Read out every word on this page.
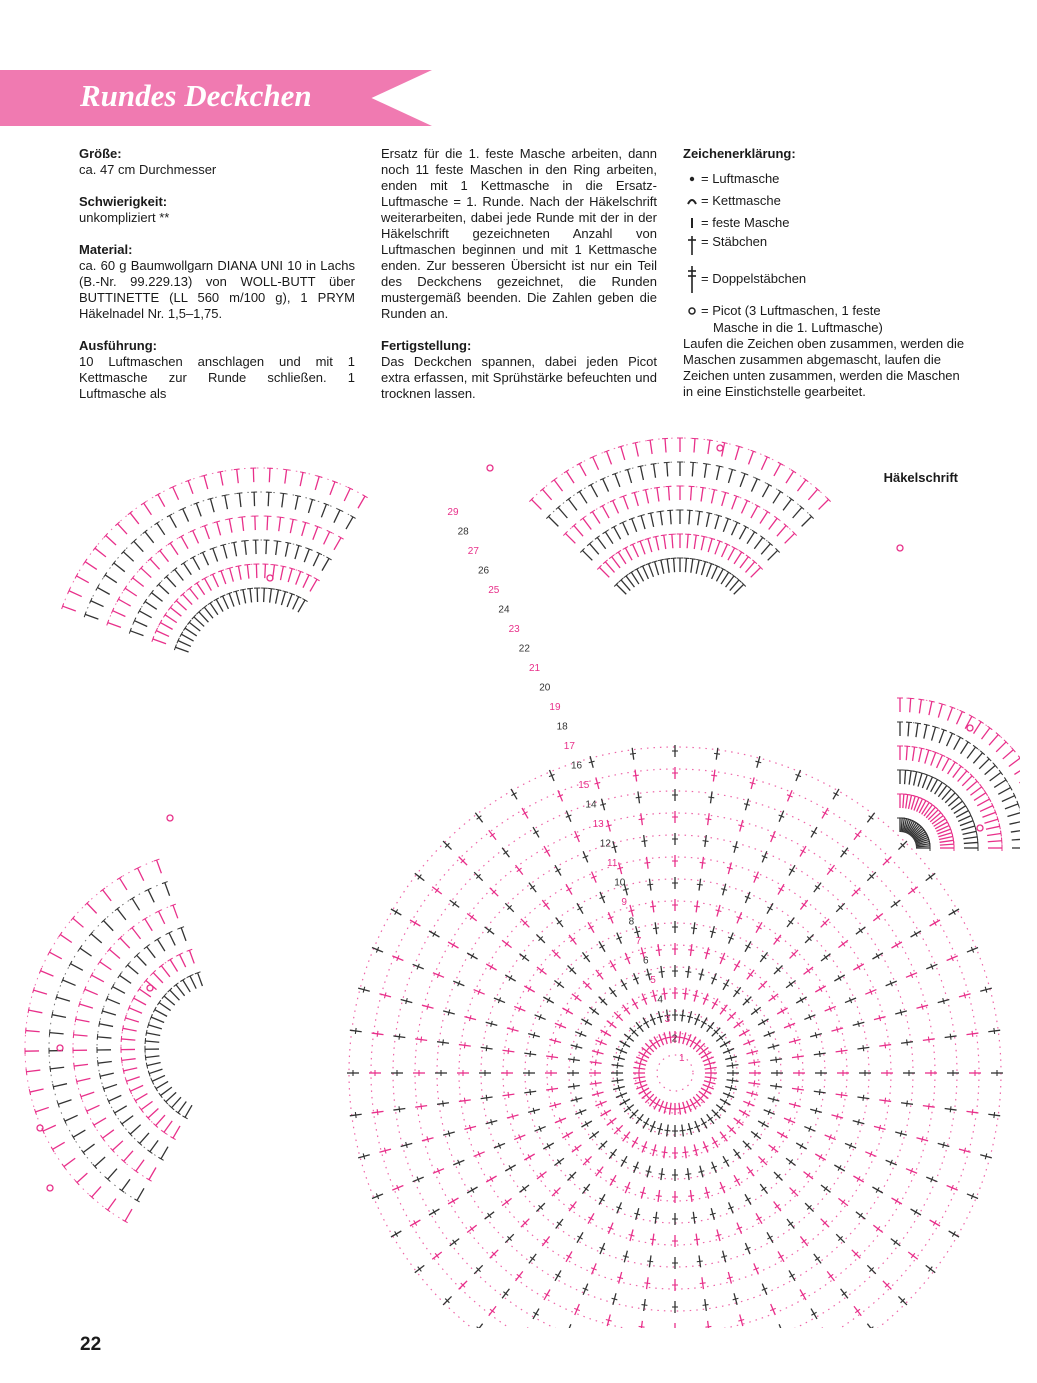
Rundes Deckchen

Größe:

ca. 47 cm Durchmesser

Schwierigkeit:

unkompliziert **

Material:

ca. 60 g Baumwollgarn DIANA UNI 10 in Lachs (B.-Nr. 99.229.13) von WOLL-BUTT über BUTTINETTE (LL 560 m/100 g), 1 PRYM Häkelnadel Nr. 1,5–1,75.

Ausführung:

10 Luftmaschen anschlagen und mit 1 Kettmasche zur Runde schließen. 1 Luftmasche als

Ersatz für die 1. feste Masche arbeiten, dann noch 11 feste Maschen in den Ring arbeiten, enden mit 1 Kettmasche in die Ersatz-Luftmasche = 1. Runde. Nach der Häkelschrift weiterarbeiten, dabei jede Runde mit der in der Häkelschrift gezeichneten Anzahl von Luftmaschen beginnen und mit 1 Kettmasche enden. Zur besseren Übersicht ist nur ein Teil des Deckchens gezeichnet, die Runden mustergemäß beenden. Die Zahlen geben die Runden an.

Fertigstellung:

Das Deckchen spannen, dabei jeden Picot extra erfassen, mit Sprühstärke befeuchten und trocknen lassen.

Zeichenerklärung:

= Luftmasche
= Kettmasche
= feste Masche
= Stäbchen
= Doppelstäbchen
= Picot (3 Luftmaschen, 1 feste

Masche in die 1. Luftmasche)

Laufen die Zeichen oben zusammen, werden die Maschen zusammen abgemascht, laufen die Zeichen unten zusammen, werden die Maschen in eine Einstichstelle gearbeitet.

Häkelschrift
29
28
27
26
25
24
23
22
21
20
19
18
17
16
15
14
13
12
11
10
9
8
7
6
5
4
3
2
1
22
